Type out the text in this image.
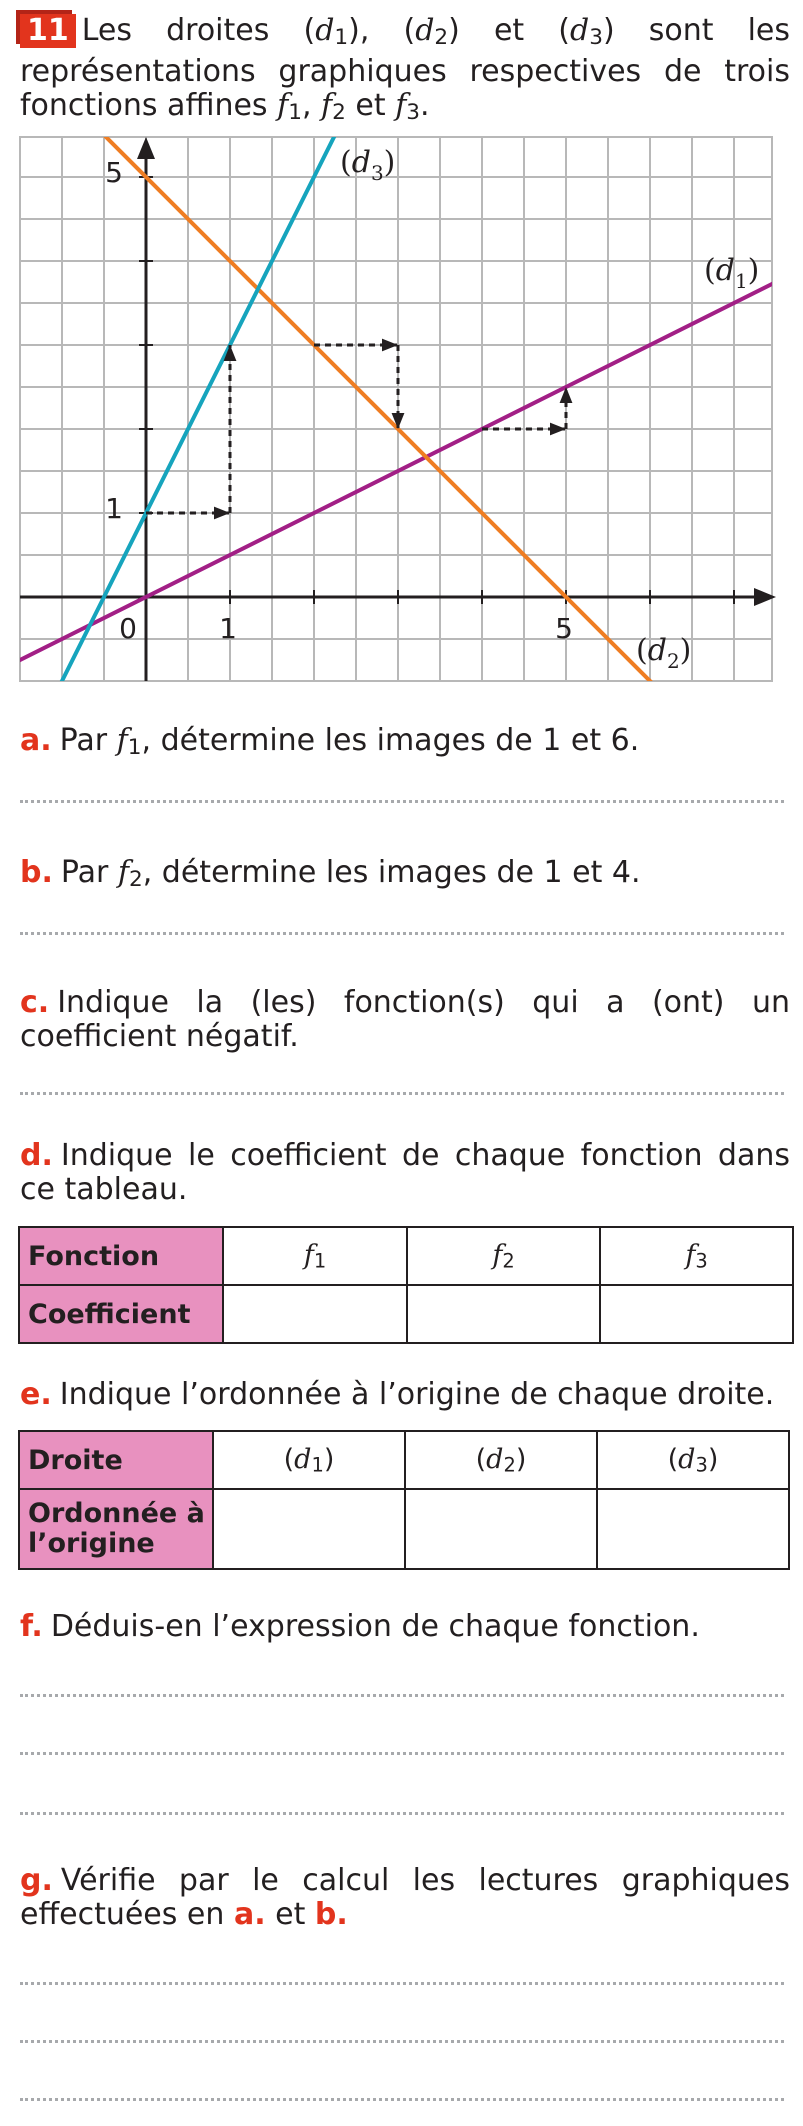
11 Les droites (d1), (d2) et (d3) sont les représentations graphiques respectives de trois fonctions affines f1, f2 et f3.
0	1	5
1
5	$(d_3)$
$(d_1)$
$(d_2)$
a. Par f1, détermine les images de 1 et 6.
b. Par f2, détermine les images de 1 et 4.
c. Indique la (les) fonction(s) qui a (ont) un coefficient négatif.
d. Indique le coefficient de chaque fonction dans ce tableau.
Fonction	f1	f2	f3
Coefficient			
e. Indique l’ordonnée à l’origine de chaque droite.
Droite	(d1)	(d2)	(d3)
Ordonnée à l’origine			
f. Déduis-en l’expression de chaque fonction.
g. Vérifie par le calcul les lectures graphiques effectuées en a. et b.
